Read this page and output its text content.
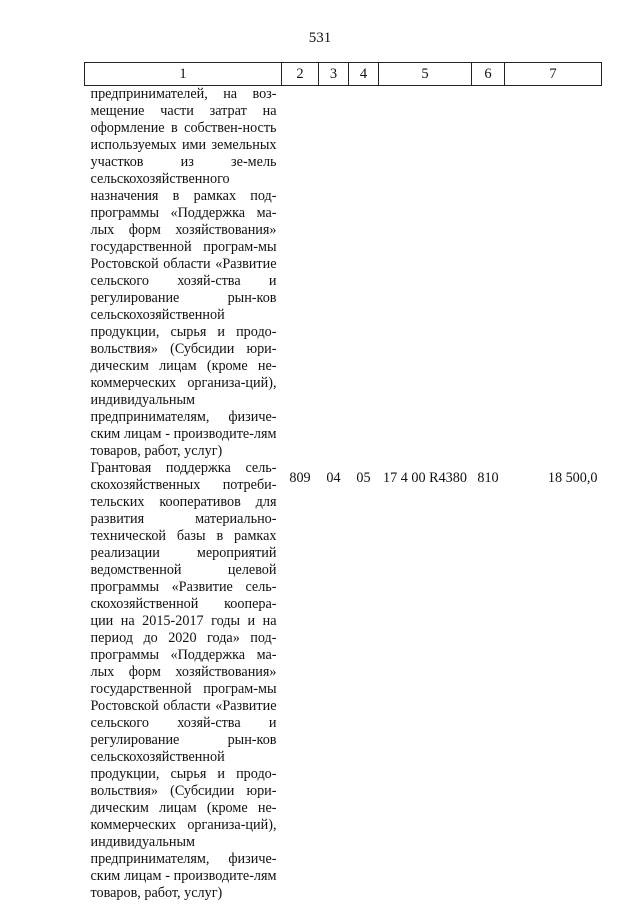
531
1	2	3	4	5	6	7
предпринимателей, на воз-мещение части затрат на оформление в собствен-ность используемых ими земельных участков из зе-мель сельскохозяйственного назначения в рамках под-программы «Поддержка ма-лых форм хозяйствования» государственной програм-мы Ростовской области «Развитие сельского хозяй-ства и регулирование рын-ков сельскохозяйственной продукции, сырья и продо-вольствия» (Субсидии юри-дическим лицам (кроме не-коммерческих организа-ций), индивидуальным предпринимателям, физиче-ским лицам - производите-лям товаров, работ, услуг)						
Грантовая поддержка сель-скохозяйственных потреби-тельских кооперативов для развития материально-технической базы в рамках реализации мероприятий ведомственной целевой программы «Развитие сель-скохозяйственной коопера-ции на 2015-2017 годы и на период до 2020 года» под-программы «Поддержка ма-лых форм хозяйствования» государственной програм-мы Ростовской области «Развитие сельского хозяй-ства и регулирование рын-ков сельскохозяйственной продукции, сырья и продо-вольствия» (Субсидии юри-дическим лицам (кроме не-коммерческих организа-ций), индивидуальным предпринимателям, физиче-ским лицам - производите-лям товаров, работ, услуг)	809	04	05	17 4 00 R4380	810	18 500,0
